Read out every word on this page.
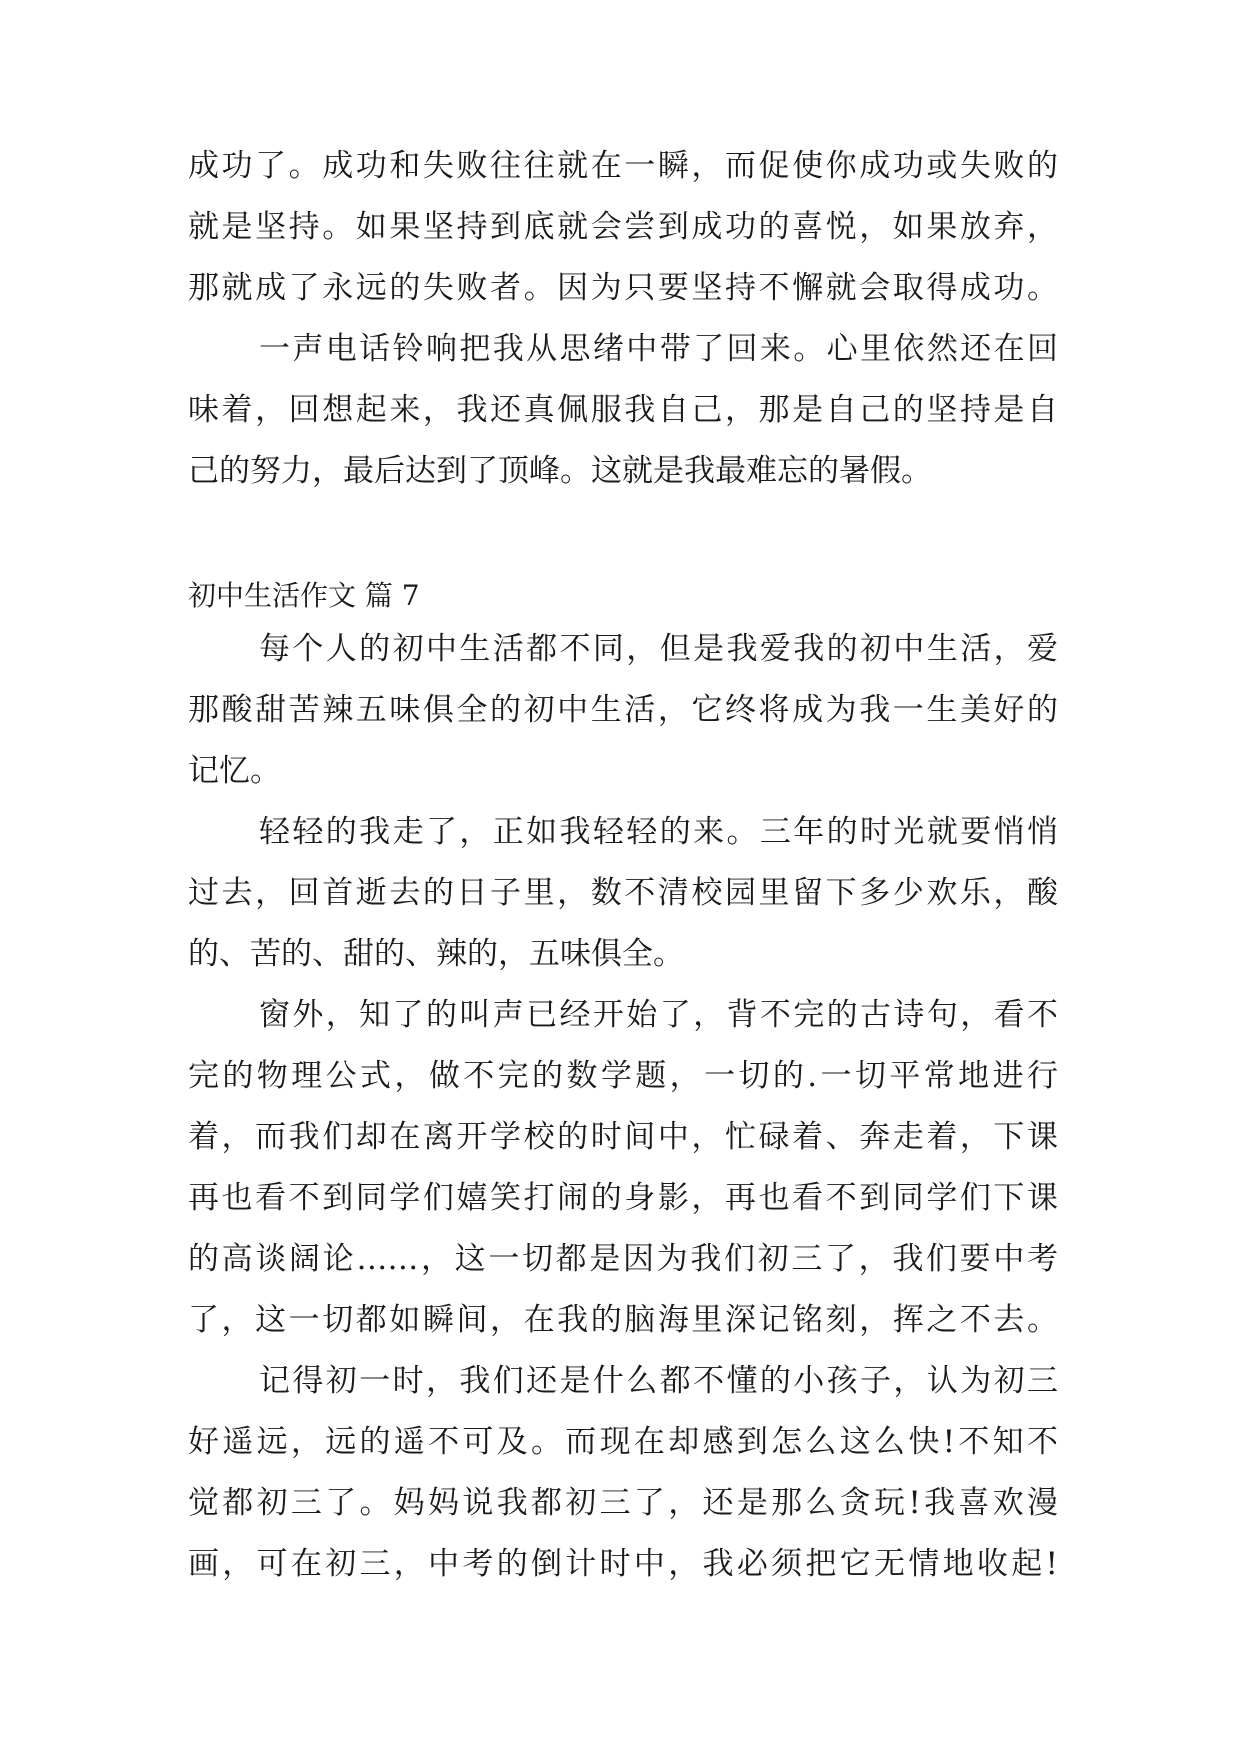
成功了。成功和失败往往就在一瞬，而促使你成功或失败的
就是坚持。如果坚持到底就会尝到成功的喜悦，如果放弃，
那就成了永远的失败者。因为只要坚持不懈就会取得成功。
一声电话铃响把我从思绪中带了回来。心里依然还在回
味着，回想起来，我还真佩服我自己，那是自己的坚持是自
己的努力，最后达到了顶峰。这就是我最难忘的暑假。
初中生活作文 篇 7
每个人的初中生活都不同，但是我爱我的初中生活，爱
那酸甜苦辣五味俱全的初中生活，它终将成为我一生美好的
记忆。
轻轻的我走了，正如我轻轻的来。三年的时光就要悄悄
过去，回首逝去的日子里，数不清校园里留下多少欢乐，酸
的、苦的、甜的、辣的，五味俱全。
窗外，知了的叫声已经开始了，背不完的古诗句，看不
完的物理公式，做不完的数学题，一切的.一切平常地进行
着，而我们却在离开学校的时间中，忙碌着、奔走着，下课
再也看不到同学们嬉笑打闹的身影，再也看不到同学们下课
的高谈阔论……，这一切都是因为我们初三了，我们要中考
了，这一切都如瞬间，在我的脑海里深记铭刻，挥之不去。
记得初一时，我们还是什么都不懂的小孩子，认为初三
好遥远，远的遥不可及。而现在却感到怎么这么快!不知不
觉都初三了。妈妈说我都初三了，还是那么贪玩!我喜欢漫
画，可在初三，中考的倒计时中，我必须把它无情地收起!
